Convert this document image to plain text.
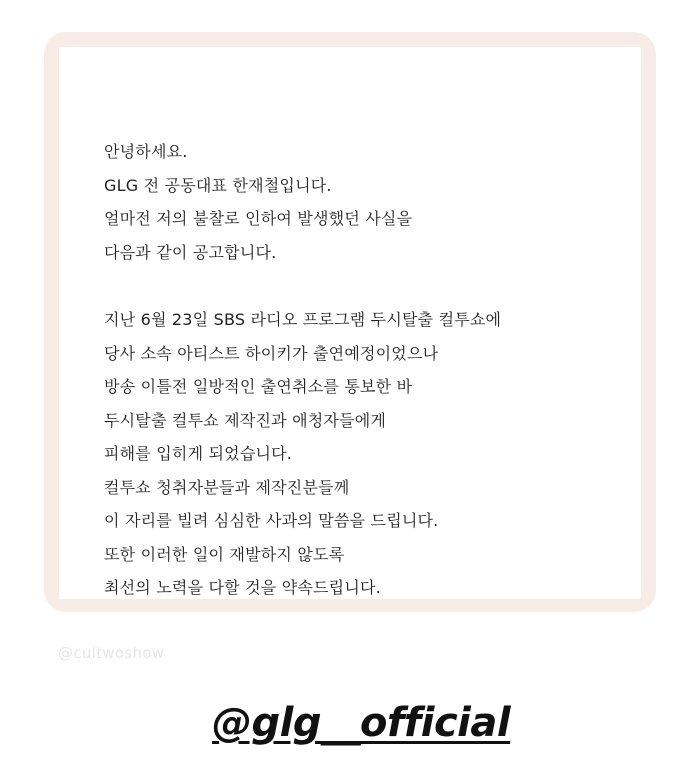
안녕하세요.
GLG 전 공동대표 한재철입니다.
얼마전 저의 불찰로 인하여 발생했던 사실을
다음과 같이 공고합니다.
지난 6월 23일 SBS 라디오 프로그램 두시탈출 컬투쇼에
당사 소속 아티스트 하이키가 출연예정이었으나
방송 이틀전 일방적인 출연취소를 통보한 바
두시탈출 컬투쇼 제작진과 애청자들에게
피해를 입히게 되었습니다.
컬투쇼 청취자분들과 제작진분들께
이 자리를 빌려 심심한 사과의 말씀을 드립니다.
또한 이러한 일이 재발하지 않도록
최선의 노력을 다할 것을 약속드립니다.
@cultwoshow
@glg__official
